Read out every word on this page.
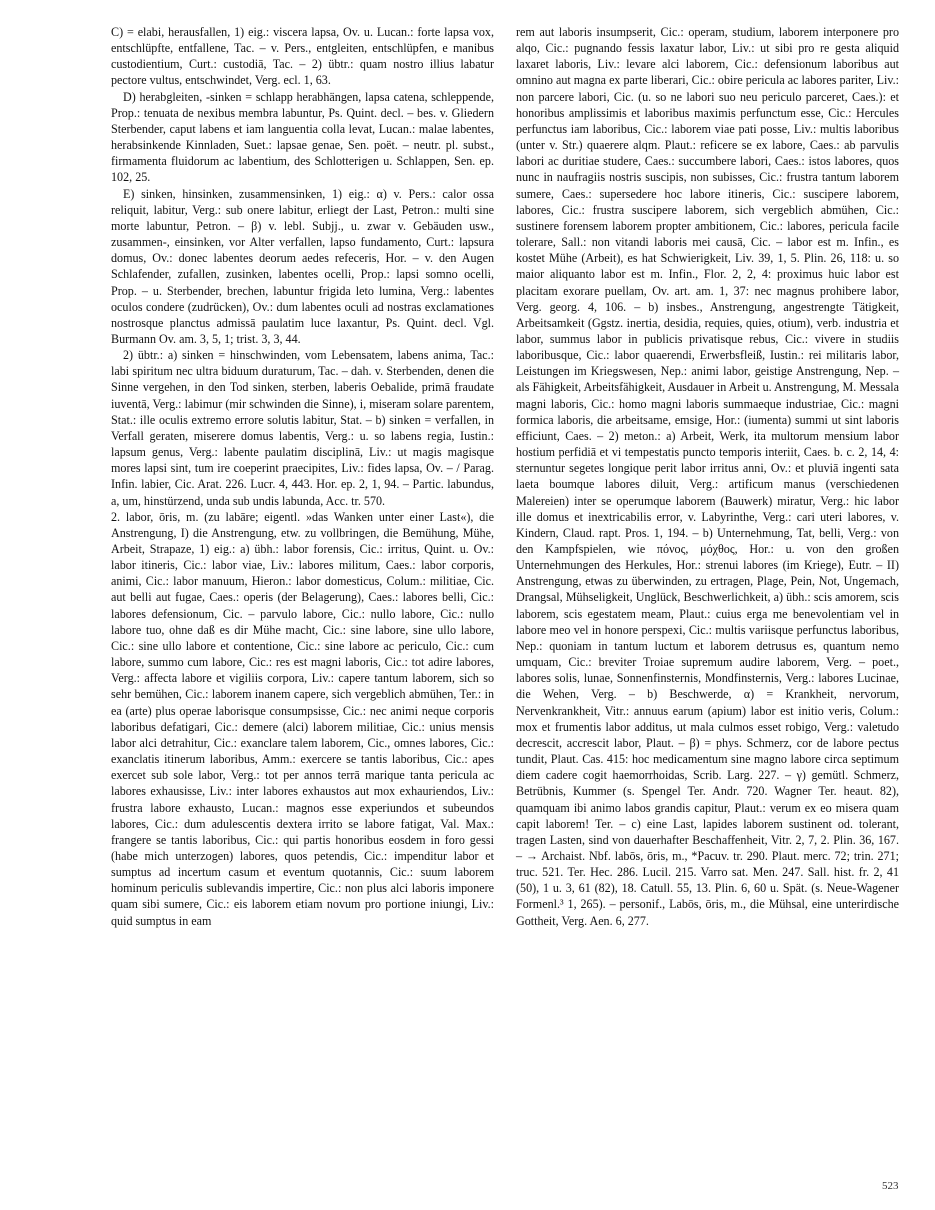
C) = elabi, herausfallen, 1) eig.: viscera lapsa, Ov. u. Lucan.: forte lapsa vox, entschlüpfte, entfallene, Tac. – v. Pers., entgleiten, entschlüpfen, e manibus custodientium, Curt.: custodiā, Tac. – 2) übtr.: quam nostro illius labatur pectore vultus, entschwindet, Verg. ecl. 1, 63.

D) herabgleiten, -sinken = schlapp herabhängen, lapsa catena, schleppende, Prop.: tenuata de nexibus membra labuntur, Ps. Quint. decl. – bes. v. Gliedern Sterbender, caput labens et iam languentia colla levat, Lucan.: malae labentes, herabsinkende Kinnladen, Suet.: lapsae genae, Sen. poët. – neutr. pl. subst., firmamenta fluidorum ac labentium, des Schlotterigen u. Schlappen, Sen. ep. 102, 25.

E) sinken, hinsinken, zusammensinken, 1) eig.: α) v. Pers.: calor ossa reliquit, labitur, Verg.: sub onere labitur, erliegt der Last, Petron.: multi sine morte labuntur, Petron. – β) v. lebl. Subjj., u. zwar v. Gebäuden usw., zusammen-, einsinken, vor Alter verfallen, lapso fundamento, Curt.: lapsura domus, Ov.: donec labentes deorum aedes refeceris, Hor. – v. den Augen Schlafender, zufallen, zusinken, labentes ocelli, Prop.: lapsi somno ocelli, Prop. – u. Sterbender, brechen, labuntur frigida leto lumina, Verg.: labentes oculos condere (zudrücken), Ov.: dum labentes oculi ad nostras exclamationes nostrosque planctus admissā paulatim luce laxantur, Ps. Quint. decl. Vgl. Burmann Ov. am. 3, 5, 1; trist. 3, 3, 44.

2) übtr.: a) sinken = hinschwinden, vom Lebensatem, labens anima, Tac.: labi spiritum nec ultra biduum duraturum, Tac. – dah. v. Sterbenden, denen die Sinne vergehen, in den Tod sinken, sterben, laberis Oebalide, primā fraudate iuventā, Verg.: labimur (mir schwinden die Sinne), i, miseram solare parentem, Stat.: ille oculis extremo errore solutis labitur, Stat. – b) sinken = verfallen, in Verfall geraten, miserere domus labentis, Verg.: u. so labens regia, Iustin.: lapsum genus, Verg.: labente paulatim disciplinā, Liv.: ut magis magisque mores lapsi sint, tum ire coeperint praecipites, Liv.: fides lapsa, Ov. – / Parag. Infin. labier, Cic. Arat. 226. Lucr. 4, 443. Hor. ep. 2, 1, 94. – Partic. labundus, a, um, hinstürzend, unda sub undis labunda, Acc. tr. 570.

2. labor, ōris, m. (zu labāre; eigentl. »das Wanken unter einer Last«), die Anstrengung, I) die Anstrengung, etw. zu vollbringen, die Bemühung, Mühe, Arbeit, Strapaze, 1) eig.: a) übh.: labor forensis, Cic.: irritus, Quint. u. Ov.: labor itineris, Cic.: labor viae, Liv.: labores militum, Caes.: labor corporis, animi, Cic.: labor manuum, Hieron.: labor domesticus, Colum.: militiae, Cic. aut belli aut fugae, Caes.: operis (der Belagerung), Caes.: labores belli, Cic.: labores defensionum, Cic. – parvulo labore, Cic.: nullo labore, Cic.: nullo labore tuo, ohne daß es dir Mühe macht, Cic.: sine labore, sine ullo labore, Cic.: sine ullo labore et contentione, Cic.: sine labore ac periculo, Cic.: cum labore, summo cum labore, Cic.: res est magni laboris, Cic.: tot adire labores, Verg.: affecta labore et vigiliis corpora, Liv.: capere tantum laborem, sich so sehr bemühen, Cic.: laborem inanem capere, sich vergeblich abmühen, Ter.: in ea (arte) plus operae laborisque consumpsisse, Cic.: nec animi neque corporis laboribus defatigari, Cic.: demere (alci) laborem militiae, Cic.: unius mensis labor alci detrahitur, Cic.: exanclare talem laborem, Cic., omnes labores, Cic.: exanclatis itinerum laboribus, Amm.: exercere se tantis laboribus, Cic.: apes exercet sub sole labor, Verg.: tot per annos terrā marique tanta pericula ac labores exhausisse, Liv.: inter labores exhaustos aut mox exhauriendos, Liv.: frustra labore exhausto, Lucan.: magnos esse experiundos et subeundos labores, Cic.: dum adulescentis dextera irrito se labore fatigat, Val. Max.: frangere se tantis laboribus, Cic.: qui partis honoribus eosdem in foro gessi (habe mich unterzogen) labores, quos petendis, Cic.: impenditur labor et sumptus ad incertum casum et eventum quotannis, Cic.: suum laborem hominum periculis sublevandis impertire, Cic.: non plus alci laboris imponere quam sibi sumere, Cic.: eis laborem etiam novum pro portione iniungi, Liv.: quid sumptus in eam

rem aut laboris insumpserit, Cic.: operam, studium, laborem interponere pro alqo, Cic.: pugnando fessis laxatur labor, Liv.: ut sibi pro re gesta aliquid laxaret laboris, Liv.: levare alci laborem, Cic.: defensionum laboribus aut omnino aut magna ex parte liberari, Cic.: obire pericula ac labores pariter, Liv.: non parcere labori, Cic. (u. so ne labori suo neu periculo parceret, Caes.): et honoribus amplissimis et laboribus maximis perfunctum esse, Cic.: Hercules perfunctus iam laboribus, Cic.: laborem viae pati posse, Liv.: multis laboribus (unter v. Str.) quaerere alqm. Plaut.: reficere se ex labore, Caes.: ab parvulis labori ac duritiae studere, Caes.: succumbere labori, Caes.: istos labores, quos nunc in naufragiis nostris suscipis, non subisses, Cic.: frustra tantum laborem sumere, Caes.: supersedere hoc labore itineris, Cic.: suscipere laborem, labores, Cic.: frustra suscipere laborem, sich vergeblich abmühen, Cic.: sustinere forensem laborem propter ambitionem, Cic.: labores, pericula facile tolerare, Sall.: non vitandi laboris mei causā, Cic. – labor est m. Infin., es kostet Mühe (Arbeit), es hat Schwierigkeit, Liv. 39, 1, 5. Plin. 26, 118: u. so maior aliquanto labor est m. Infin., Flor. 2, 2, 4: proximus huic labor est placitam exorare puellam, Ov. art. am. 1, 37: nec magnus prohibere labor, Verg. georg. 4, 106. – b) insbes., Anstrengung, angestrengte Tätigkeit, Arbeitsamkeit (Ggstz. inertia, desidia, requies, quies, otium), verb. industria et labor, summus labor in publicis privatisque rebus, Cic.: vivere in studiis laboribusque, Cic.: labor quaerendi, Erwerbsfleiß, Iustin.: rei militaris labor, Leistungen im Kriegswesen, Nep.: animi labor, geistige Anstrengung, Nep. – als Fähigkeit, Arbeitsfähigkeit, Ausdauer in Arbeit u. Anstrengung, M. Messala magni laboris, Cic.: homo magni laboris summaeque industriae, Cic.: magni formica laboris, die arbeitsame, emsige, Hor.: (iumenta) summi ut sint laboris efficiunt, Caes. – 2) meton.: a) Arbeit, Werk, ita multorum mensium labor hostium perfidiā et vi tempestatis puncto temporis interiit, Caes. b. c. 2, 14, 4: sternuntur segetes longique perit labor irritus anni, Ov.: et pluviā ingenti sata laeta boumque labores diluit, Verg.: artificum manus (verschiedenen Malereien) inter se operumque laborem (Bauwerk) miratur, Verg.: hic labor ille domus et inextricabilis error, v. Labyrinthe, Verg.: cari uteri labores, v. Kindern, Claud. rapt. Pros. 1, 194. – b) Unternehmung, Tat, belli, Verg.: von den Kampfspielen, wie πόνος, μόχθος, Hor.: u. von den großen Unternehmungen des Herkules, Hor.: strenui labores (im Kriege), Eutr. – II) Anstrengung, etwas zu überwinden, zu ertragen, Plage, Pein, Not, Ungemach, Drangsal, Mühseligkeit, Unglück, Beschwerlichkeit, a) übh.: scis amorem, scis laborem, scis egestatem meam, Plaut.: cuius erga me benevolentiam vel in labore meo vel in honore perspexi, Cic.: multis variisque perfunctus laboribus, Nep.: quoniam in tantum luctum et laborem detrusus es, quantum nemo umquam, Cic.: breviter Troiae supremum audire laborem, Verg. – poet., labores solis, lunae, Sonnenfinsternis, Mondfinsternis, Verg.: labores Lucinae, die Wehen, Verg. – b) Beschwerde, α) = Krankheit, nervorum, Nervenkrankheit, Vitr.: annuus earum (apium) labor est initio veris, Colum.: mox et frumentis labor additus, ut mala culmos esset robigo, Verg.: valetudo decrescit, accrescit labor, Plaut. – β) = phys. Schmerz, cor de labore pectus tundit, Plaut. Cas. 415: hoc medicamentum sine magno labore circa septimum diem cadere cogit haemorrhoidas, Scrib. Larg. 227. – γ) gemütl. Schmerz, Betrübnis, Kummer (s. Spengel Ter. Andr. 720. Wagner Ter. heaut. 82), quamquam ibi animo labos grandis capitur, Plaut.: verum ex eo misera quam capit laborem! Ter. – c) eine Last, lapides laborem sustinent od. tolerant, tragen Lasten, sind von dauerhafter Beschaffenheit, Vitr. 2, 7, 2. Plin. 36, 167. – → Archaist. Nbf. labōs, ōris, m., *Pacuv. tr. 290. Plaut. merc. 72; trin. 271; truc. 521. Ter. Hec. 286. Lucil. 215. Varro sat. Men. 247. Sall. hist. fr. 2, 41 (50), 1 u. 3, 61 (82), 18. Catull. 55, 13. Plin. 6, 60 u. Spät. (s. Neue-Wagener Formenl.³ 1, 265). – personif., Labōs, ōris, m., die Mühsal, eine unterirdische Gottheit, Verg. Aen. 6, 277.

523
